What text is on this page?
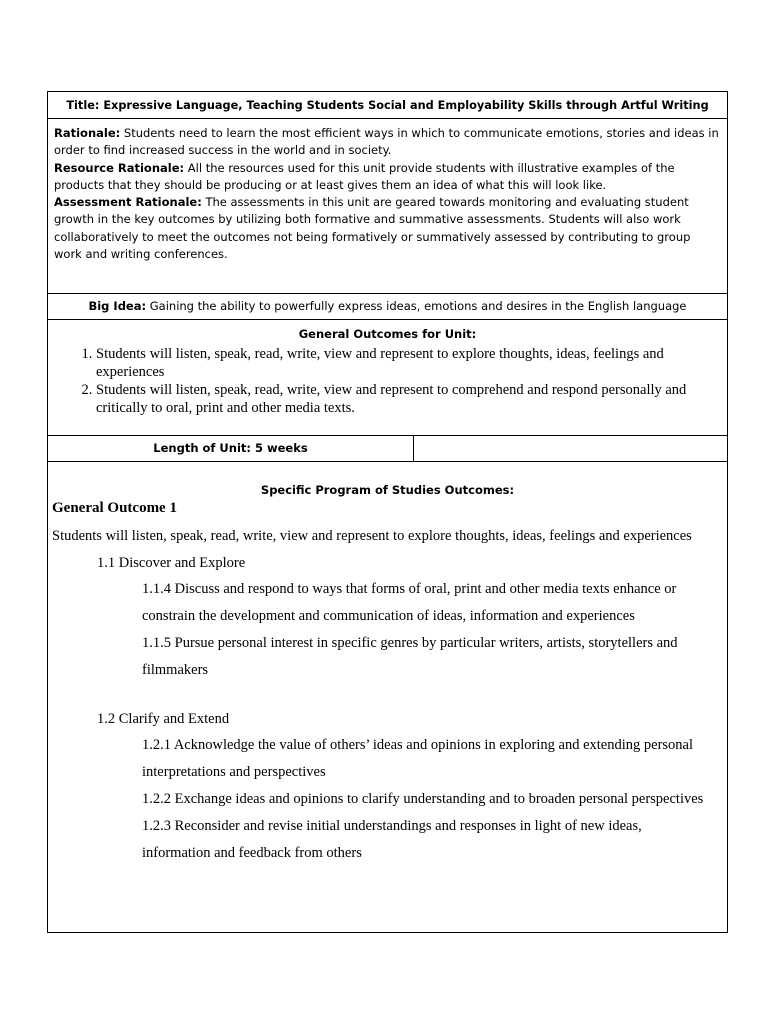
Title: Expressive Language, Teaching Students Social and Employability Skills through Artful Writing

Rationale: Students need to learn the most efficient ways in which to communicate emotions, stories and ideas in order to find increased success in the world and in society.

Resource Rationale: All the resources used for this unit provide students with illustrative examples of the products that they should be producing or at least gives them an idea of what this will look like.

Assessment Rationale: The assessments in this unit are geared towards monitoring and evaluating student growth in the key outcomes by utilizing both formative and summative assessments. Students will also work collaboratively to meet the outcomes not being formatively or summatively assessed by contributing to group work and writing conferences.

Big Idea: Gaining the ability to powerfully express ideas, emotions and desires in the English language

General Outcomes for Unit:
1. Students will listen, speak, read, write, view and represent to explore thoughts, ideas, feelings and experiences
2. Students will listen, speak, read, write, view and represent to comprehend and respond personally and critically to oral, print and other media texts.

Length of Unit: 5 weeks

Specific Program of Studies Outcomes:
General Outcome 1
Students will listen, speak, read, write, view and represent to explore thoughts, ideas, feelings and experiences
1.1 Discover and Explore
1.1.4 Discuss and respond to ways that forms of oral, print and other media texts enhance or constrain the development and communication of ideas, information and experiences
1.1.5 Pursue personal interest in specific genres by particular writers, artists, storytellers and filmmakers
1.2 Clarify and Extend
1.2.1 Acknowledge the value of others’ ideas and opinions in exploring and extending personal interpretations and perspectives
1.2.2 Exchange ideas and opinions to clarify understanding and to broaden personal perspectives
1.2.3 Reconsider and revise initial understandings and responses in light of new ideas, information and feedback from others
